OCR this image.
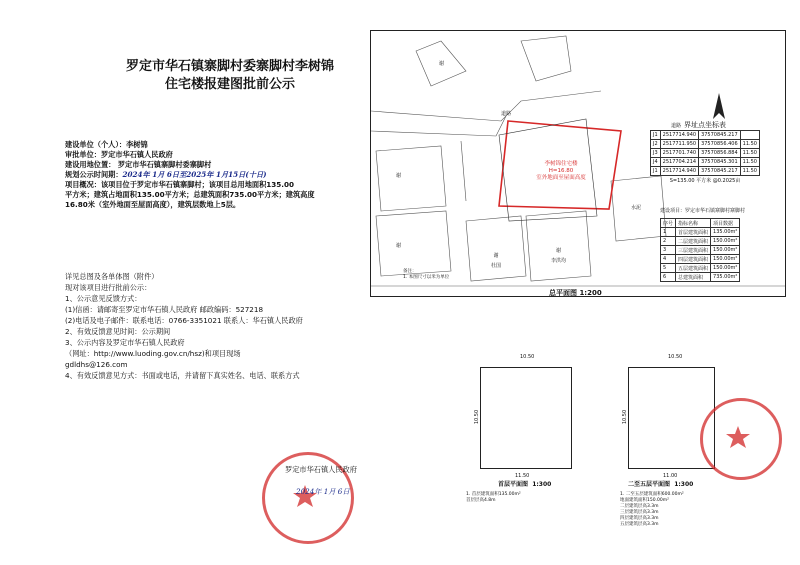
罗定市华石镇寨脚村委寨脚村李树锦
住宅楼报建图批前公示
建设单位（个人）：李树锦
审批单位：罗定市华石镇人民政府
建设用地位置： 罗定市华石镇寨脚村委寨脚村
规划公示时间期：2024年 1月 6日至2025年 1月15日(十日)
项目概况：该项目位于罗定市华石镇寨脚村；该项目总用地面积135.00
平方米；建筑占地面积135.00平方米；总建筑面积735.00平方米；建筑高度
16.80米（室外地面至屋面高度），建筑层数地上5层。
详见总图及各单体图（附件）
现对该项目进行批前公示：
1、公示意见反馈方式：
(1)信函：请邮寄至罗定市华石镇人民政府 邮政编码：527218
(2)电话及电子邮件：联系电话：0766-3351021 联系人：华石镇人民政府
2、有效反馈意见时间：公示期间
3、公示内容及罗定市华石镇人民政府
（网址：http://www.luoding.gov.cn/hsz)和项目现场
gdldhs@126.com
4、有效反馈意见方式：书面或电话，并请留下真实姓名、电话、联系方式
罗定市华石镇人民政府
2024年 1月 6日
谢
道路
道路
谢
谢
谢
杜国
谢
李洪均
水泥
李树锦住宅楼
H=16.80
室外地面至屋面高度
备注：
1. 本图尺寸以米为单位
总平面图 1:200
界址点坐标表
J1	2517714.940	37570845.217	
J2	2517711.950	37570856.406	11.50
J3	2517701.740	37570856.884	11.50
J4	2517704.214	37570845.301	11.50
J1	2517714.940	37570845.217	11.50
S=135.00 平方米 @0.2025亩
建设项目：罗定市华石镇寨脚村寨脚村
序号	指标名称	项目数据
1	首层建筑面积	135.00m²
2	二层建筑面积	150.00m²
3	三层建筑面积	150.00m²
4	四层建筑面积	150.00m²
5	五层建筑面积	150.00m²
6	总建筑面积	735.00m²
10.50
10.50
11.50
首层平面图 1:300
1. 首层建筑面积135.00m²
首层层高4.8m
10.50
10.50
11.00
二至五层平面图 1:300
1. 二至五层建筑面积600.00m²
地面建筑面积150.00m²
二层建筑层高3.3m
三层建筑层高3.3m
四层建筑层高3.3m
五层建筑层高3.3m
